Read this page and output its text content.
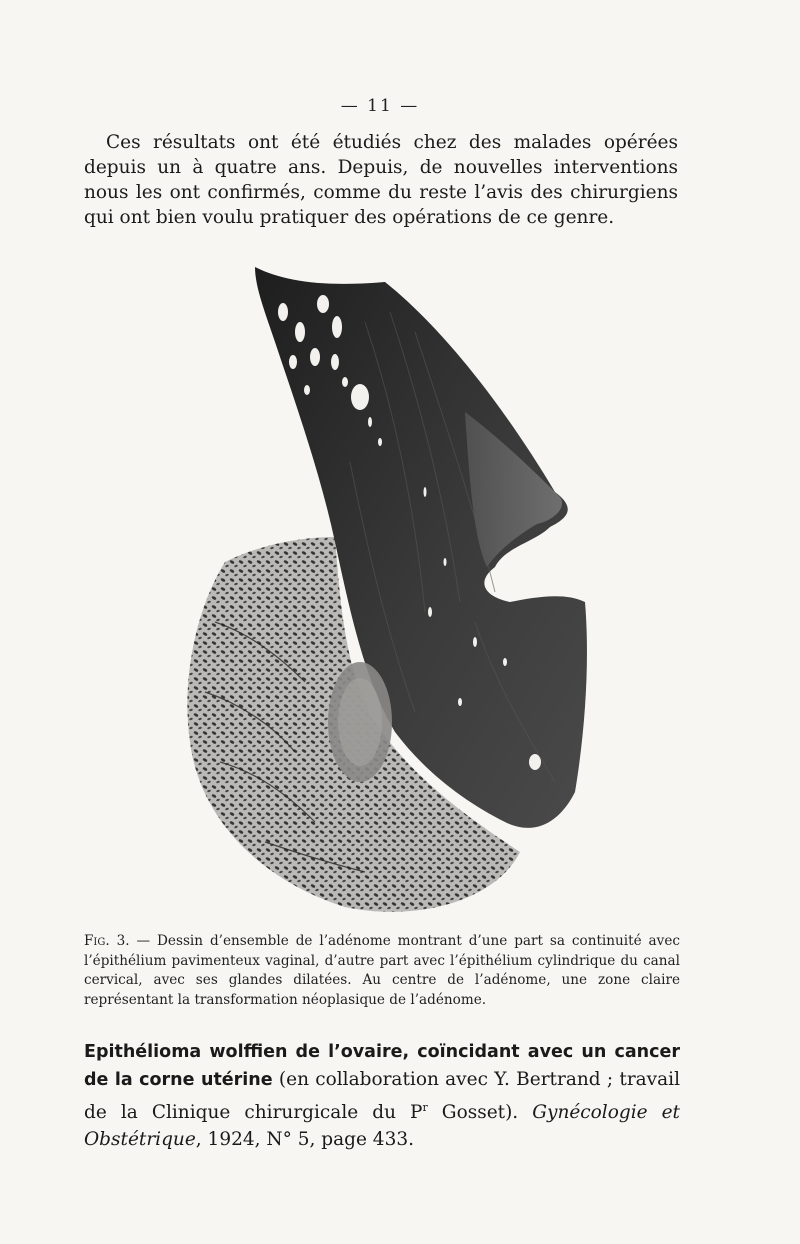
— 11 —

Ces résultats ont été étudiés chez des malades opérées depuis un à quatre ans. Depuis, de nouvelles interventions nous les ont confirmés, comme du reste l’avis des chirurgiens qui ont bien voulu pratiquer des opérations de ce genre.

Fig. 3. — Dessin d’ensemble de l’adénome montrant d’une part sa continuité avec l’épithélium pavimenteux vaginal, d’autre part avec l’épithélium cylindrique du canal cervical, avec ses glandes dilatées. Au centre de l’adénome, une zone claire représentant la transformation néoplasique de l’adénome.
Epithélioma wolffien de l’ovaire, coïncidant avec un cancer de la corne utérine (en collaboration avec Y. Bertrand ; travail de la Clinique chirurgicale du $P^r$ Gosset). Gynécologie et Obstétrique, 1924, N° 5, page 433.
